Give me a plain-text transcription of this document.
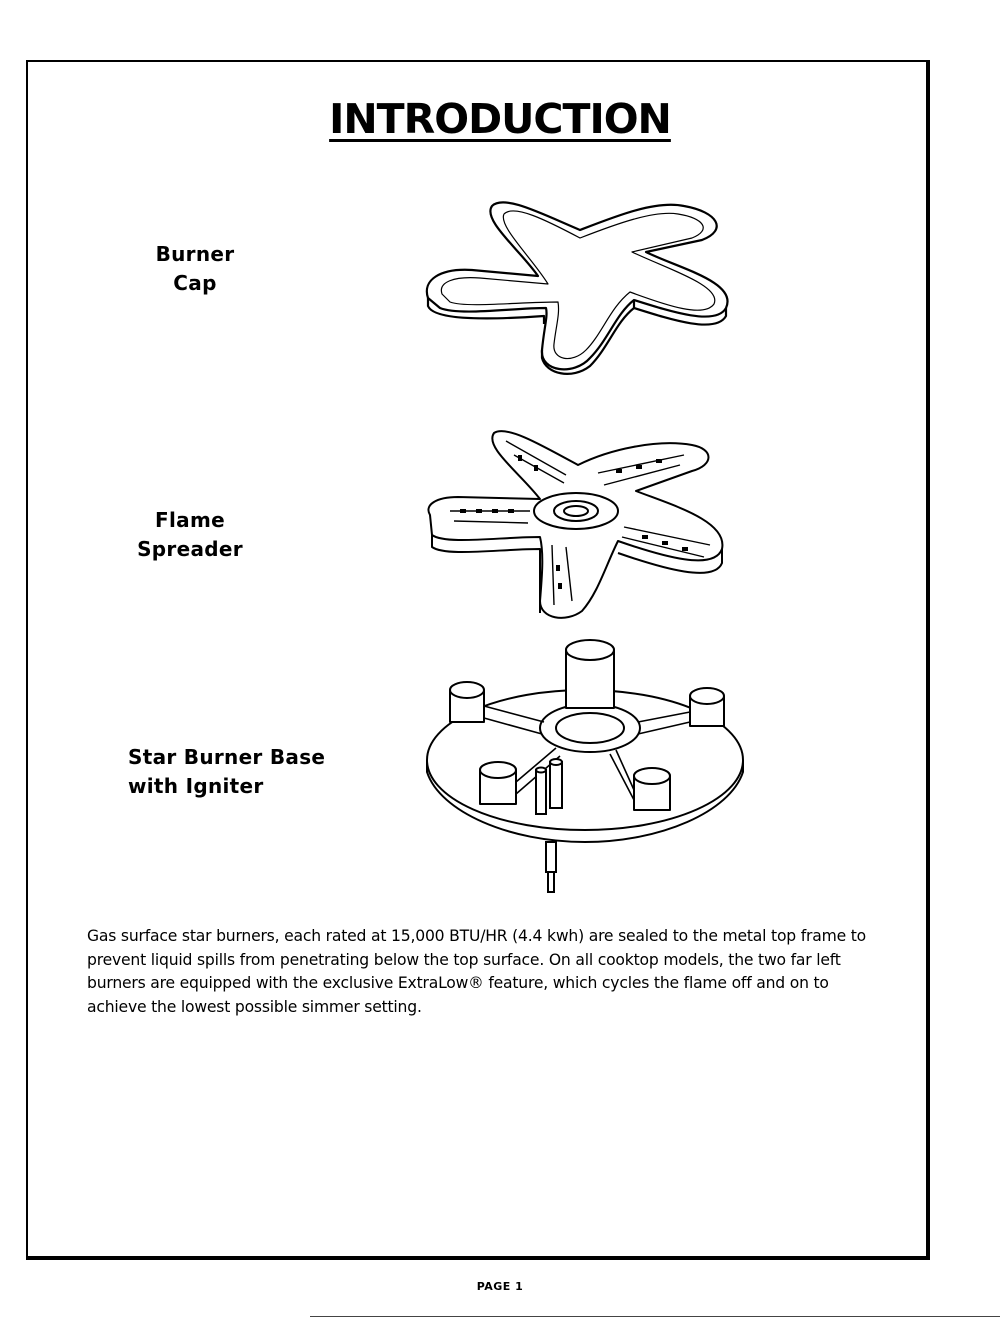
INTRODUCTION
Burner
Cap
Flame
Spreader
Star Burner Base
with Igniter
Gas surface star burners, each rated at 15,000 BTU/HR (4.4 kwh) are sealed to the metal top frame to prevent liquid spills from penetrating below the top surface. On all cooktop models, the two far left burners are equipped with the exclusive ExtraLow® feature, which cycles the flame off and on to achieve the lowest possible simmer setting.
PAGE 1
